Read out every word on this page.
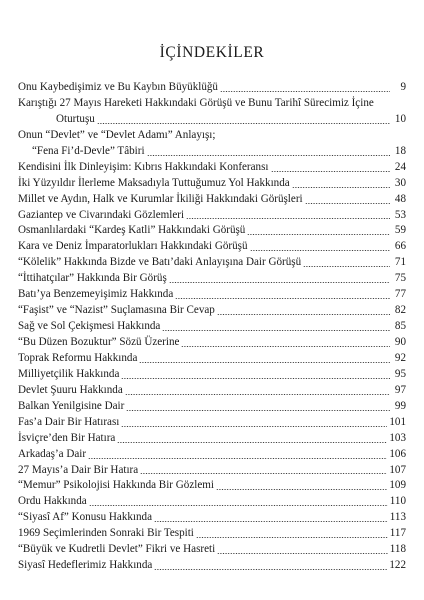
İÇİNDEKİLER
Onu Kaybedişimiz ve Bu Kaybın Büyüklüğü	9
Karıştığı 27 Mayıs Hareketi Hakkındaki Görüşü ve Bunu Tarihî Sürecimiz İçine
Oturtuşu	10
Onun “Devlet” ve “Devlet Adamı” Anlayışı;
“Fena Fi’d-Devle” Tâbiri	18
Kendisini İlk Dinleyişim: Kıbrıs Hakkındaki Konferansı	24
İki Yüzyıldır İlerleme Maksadıyla Tuttuğumuz Yol Hakkında	30
Millet ve Aydın, Halk ve Kurumlar İkiliği Hakkındaki Görüşleri	48
Gaziantep ve Civarındaki Gözlemleri	53
Osmanlılardaki “Kardeş Katli” Hakkındaki Görüşü	59
Kara ve Deniz İmparatorlukları Hakkındaki Görüşü	66
“Kölelik” Hakkında Bizde ve Batı’daki Anlayışına Dair Görüşü	71
“İttihatçılar” Hakkında Bir Görüş	75
Batı’ya Benzemeyişimiz Hakkında	77
“Faşist” ve “Nazist” Suçlamasına Bir Cevap	82
Sağ ve Sol Çekişmesi Hakkında	85
“Bu Düzen Bozuktur” Sözü Üzerine	90
Toprak Reformu Hakkında	92
Milliyetçilik Hakkında	95
Devlet Şuuru Hakkında	97
Balkan Yenilgisine Dair	99
Fas’a Dair Bir Hatırası	101
İsviçre’den Bir Hatıra	103
Arkadaş’a Dair	106
27 Mayıs’a Dair Bir Hatıra	107
“Memur” Psikolojisi Hakkında Bir Gözlemi	109
Ordu Hakkında	110
“Siyasî Af” Konusu Hakkında	113
1969 Seçimlerinden Sonraki Bir Tespiti	117
“Büyük ve Kudretli Devlet” Fikri ve Hasreti	118
Siyasî Hedeflerimiz Hakkında	122
